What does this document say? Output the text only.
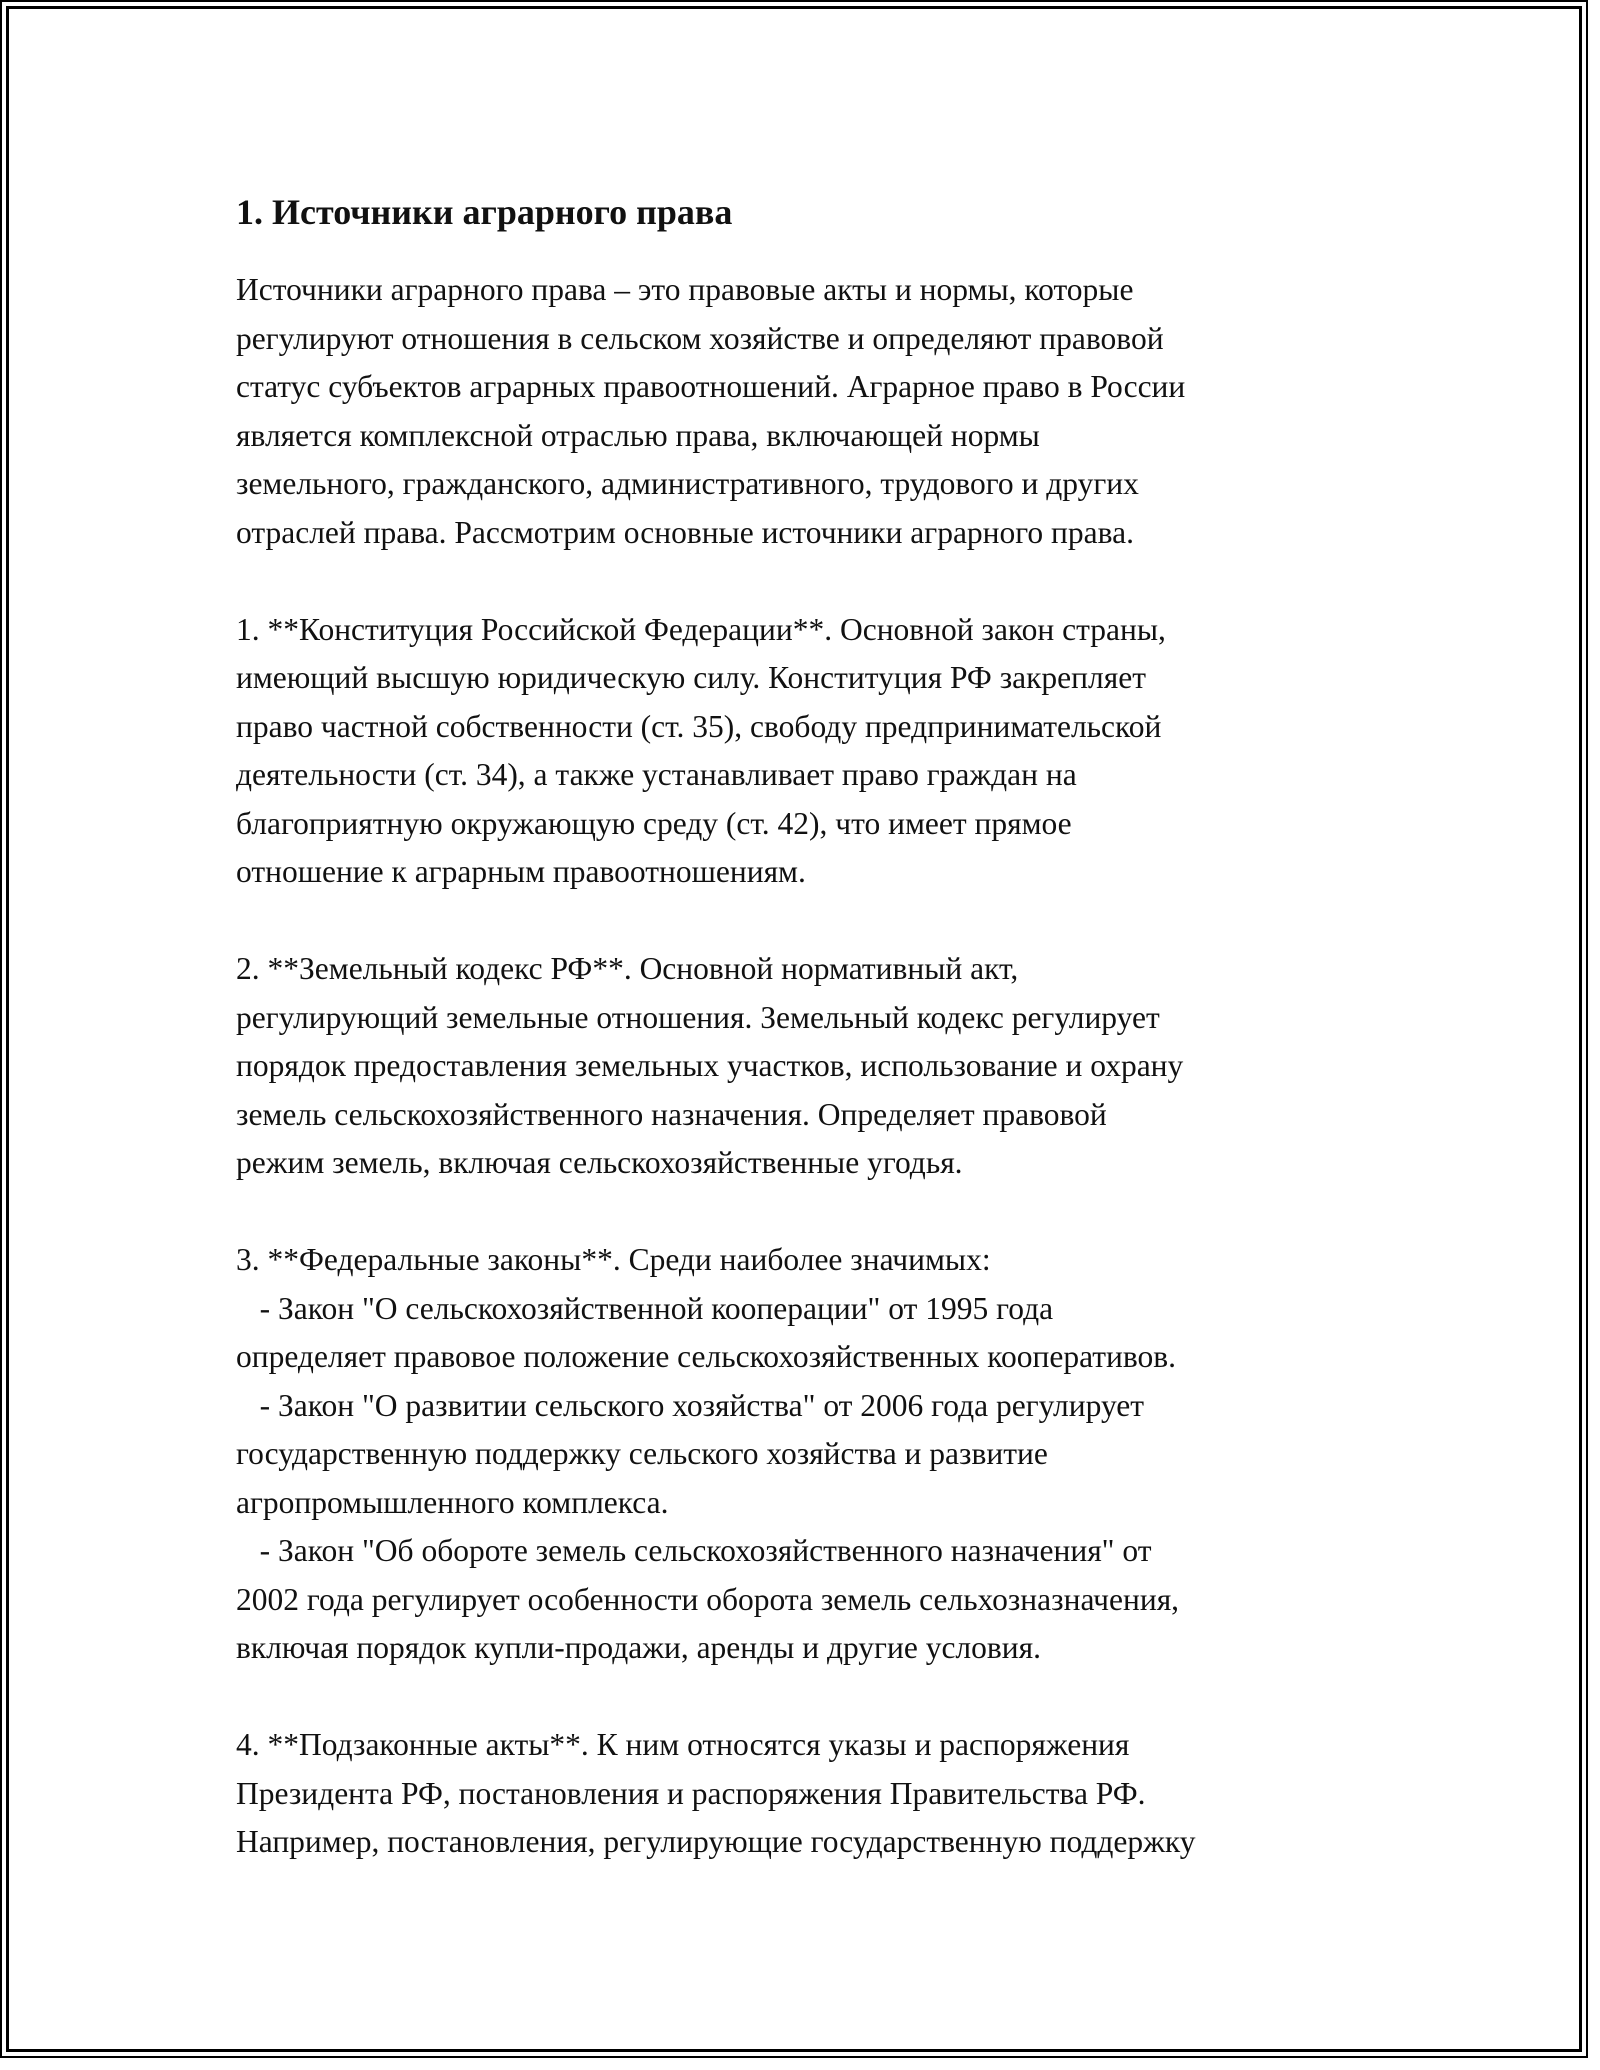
1. Источники аграрного права
Источники аграрного права – это правовые акты и нормы, которые
регулируют отношения в сельском хозяйстве и определяют правовой
статус субъектов аграрных правоотношений. Аграрное право в России
является комплексной отраслью права, включающей нормы
земельного, гражданского, административного, трудового и других
отраслей права. Рассмотрим основные источники аграрного права.
1. **Конституция Российской Федерации**. Основной закон страны,
имеющий высшую юридическую силу. Конституция РФ закрепляет
право частной собственности (ст. 35), свободу предпринимательской
деятельности (ст. 34), а также устанавливает право граждан на
благоприятную окружающую среду (ст. 42), что имеет прямое
отношение к аграрным правоотношениям.
2. **Земельный кодекс РФ**. Основной нормативный акт,
регулирующий земельные отношения. Земельный кодекс регулирует
порядок предоставления земельных участков, использование и охрану
земель сельскохозяйственного назначения. Определяет правовой
режим земель, включая сельскохозяйственные угодья.
3. **Федеральные законы**. Среди наиболее значимых:
- Закон "О сельскохозяйственной кооперации" от 1995 года
определяет правовое положение сельскохозяйственных кооперативов.
- Закон "О развитии сельского хозяйства" от 2006 года регулирует
государственную поддержку сельского хозяйства и развитие
агропромышленного комплекса.
- Закон "Об обороте земель сельскохозяйственного назначения" от
2002 года регулирует особенности оборота земель сельхозназначения,
включая порядок купли-продажи, аренды и другие условия.
4. **Подзаконные акты**. К ним относятся указы и распоряжения
Президента РФ, постановления и распоряжения Правительства РФ.
Например, постановления, регулирующие государственную поддержку
